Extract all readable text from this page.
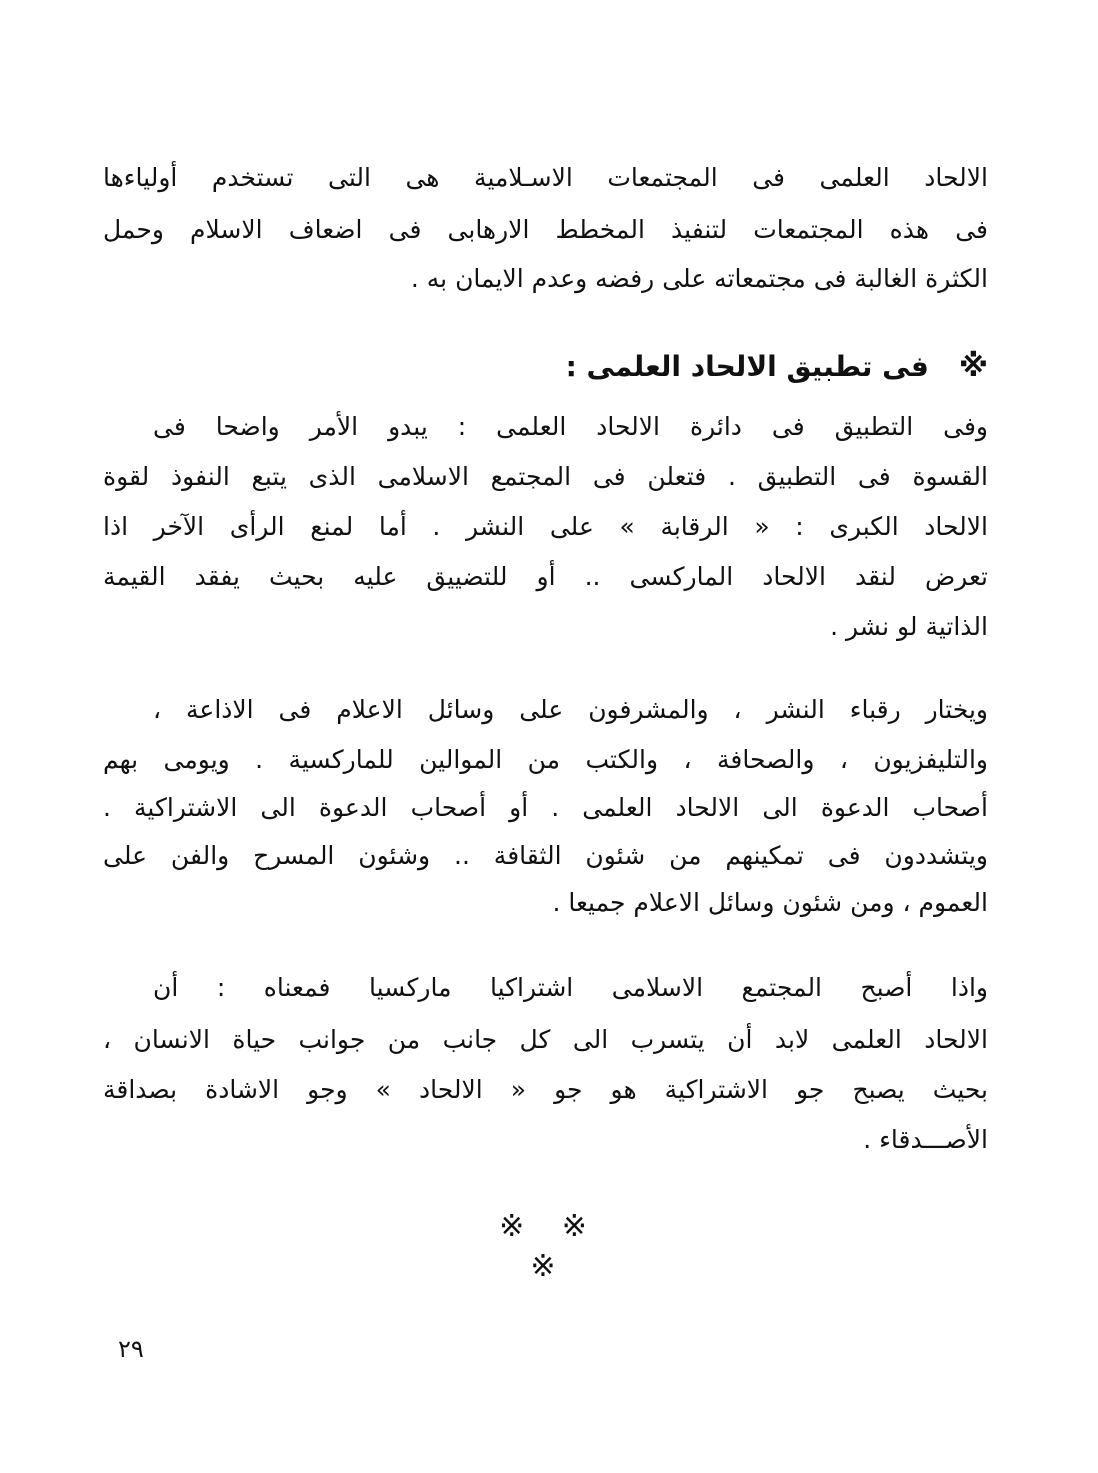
الالحاد العلمى فى المجتمعات الاسـلامية هى التى تستخدم أولياءها
فى هذه المجتمعات لتنفيذ المخطط الارهابى فى اضعاف الاسلام وحمل
الكثرة الغالبة فى مجتمعاته على رفضه وعدم الايمان به .
※فى تطبيق الالحاد العلمى :
وفى التطبيق فى دائرة الالحاد العلمى : يبدو الأمر واضحا فى
القسوة فى التطبيق . فتعلن فى المجتمع الاسلامى الذى يتبع النفوذ لقوة
الالحاد الكبرى : « الرقابة » على النشر . أما لمنع الرأى الآخر اذا
تعرض لنقد الالحاد الماركسى .. أو للتضييق عليه بحيث يفقد القيمة
الذاتية لو نشر .
ويختار رقباء النشر ، والمشرفون على وسائل الاعلام فى الاذاعة ،
والتليفزيون ، والصحافة ، والكتب من الموالين للماركسية . ويومى بهم
أصحاب الدعوة الى الالحاد العلمى . أو أصحاب الدعوة الى الاشتراكية .
ويتشددون فى تمكينهم من شئون الثقافة .. وشئون المسرح والفن على
العموم ، ومن شئون وسائل الاعلام جميعا .
واذا أصبح المجتمع الاسلامى اشتراكيا ماركسيا فمعناه : أن
الالحاد العلمى لابد أن يتسرب الى كل جانب من جوانب حياة الانسان ،
بحيث يصبح جو الاشتراكية هو جو « الالحاد » وجو الاشادة بصداقة
الأصـــدقاء .
※ ※ ※
٢٩
